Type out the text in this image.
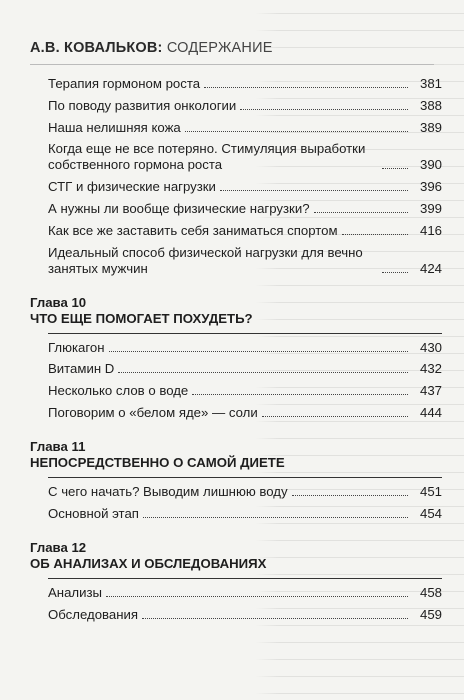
А.В. КОВАЛЬКОВ: СОДЕРЖАНИЕ
Терапия гормоном роста	381
По поводу развития онкологии	388
Наша нелишняя кожа	389
Когда еще не все потеряно. Стимуляция выработки собственного гормона роста	390
СТГ и физические нагрузки	396
А нужны ли вообще физические нагрузки?	399
Как все же заставить себя заниматься спортом	416
Идеальный способ физической нагрузки для вечно занятых мужчин	424
Глава 10
ЧТО ЕЩЕ ПОМОГАЕТ ПОХУДЕТЬ?
Глюкагон	430
Витамин D	432
Несколько слов о воде	437
Поговорим о «белом яде» — соли	444
Глава 11
НЕПОСРЕДСТВЕННО О САМОЙ ДИЕТЕ
С чего начать? Выводим лишнюю воду	451
Основной этап	454
Глава 12
ОБ АНАЛИЗАХ И ОБСЛЕДОВАНИЯХ
Анализы	458
Обследования	459
